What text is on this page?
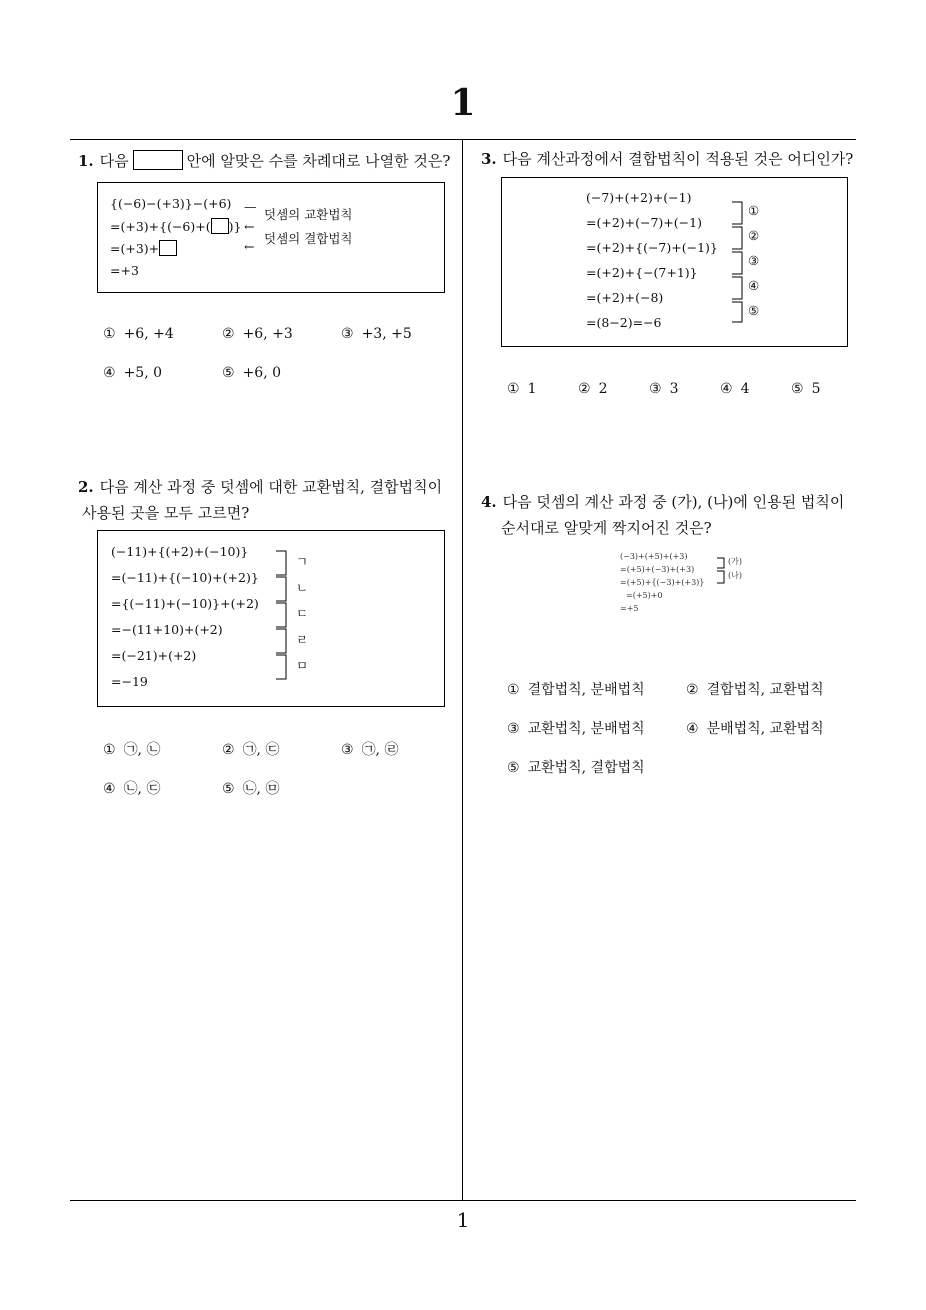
1
1
1. 다음	안에 알맞은 수를 차례대로 나열한 것은?
{(−6)−(+3)}−(+6)
=(+3)+{(−6)+( )}
=(+3)+
=+3
—
←
←
덧셈의 교환법칙
덧셈의 결합법칙
① +6, +4	② +6, +3	③ +3, +5
④ +5, 0	⑤ +6, 0
2. 다음 계산 과정 중 덧셈에 대한 교환법칙, 결합법칙이
사용된 곳을 모두 고르면?
(−11)+{(+2)+(−10)}
=(−11)+{(−10)+(+2)}
={(−11)+(−10)}+(+2)
=−(11+10)+(+2)
=(−21)+(+2)
=−19
ㄱ
ㄴ
ㄷ
ㄹ
ㅁ
① ㉠, ㉡	② ㉠, ㉢	③ ㉠, ㉣
④ ㉡, ㉢	⑤ ㉡, ㉤
3. 다음 계산과정에서 결합법칙이 적용된 것은 어디인가?
(−7)+(+2)+(−1)
=(+2)+(−7)+(−1)
=(+2)+{(−7)+(−1)}
=(+2)+{−(7+1)}
=(+2)+(−8)
=(8−2)=−6
①
②
③
④
⑤
① 1	② 2	③ 3	④ 4	⑤ 5
4. 다음 덧셈의 계산 과정 중 (가), (나)에 인용된 법칙이
순서대로 알맞게 짝지어진 것은?
(−3)+(+5)+(+3)
=(+5)+(−3)+(+3)
=(+5)+{(−3)+(+3)}
=(+5)+0
=+5
(가)
(나)
① 결합법칙, 분배법칙	② 결합법칙, 교환법칙
③ 교환법칙, 분배법칙	④ 분배법칙, 교환법칙
⑤ 교환법칙, 결합법칙
